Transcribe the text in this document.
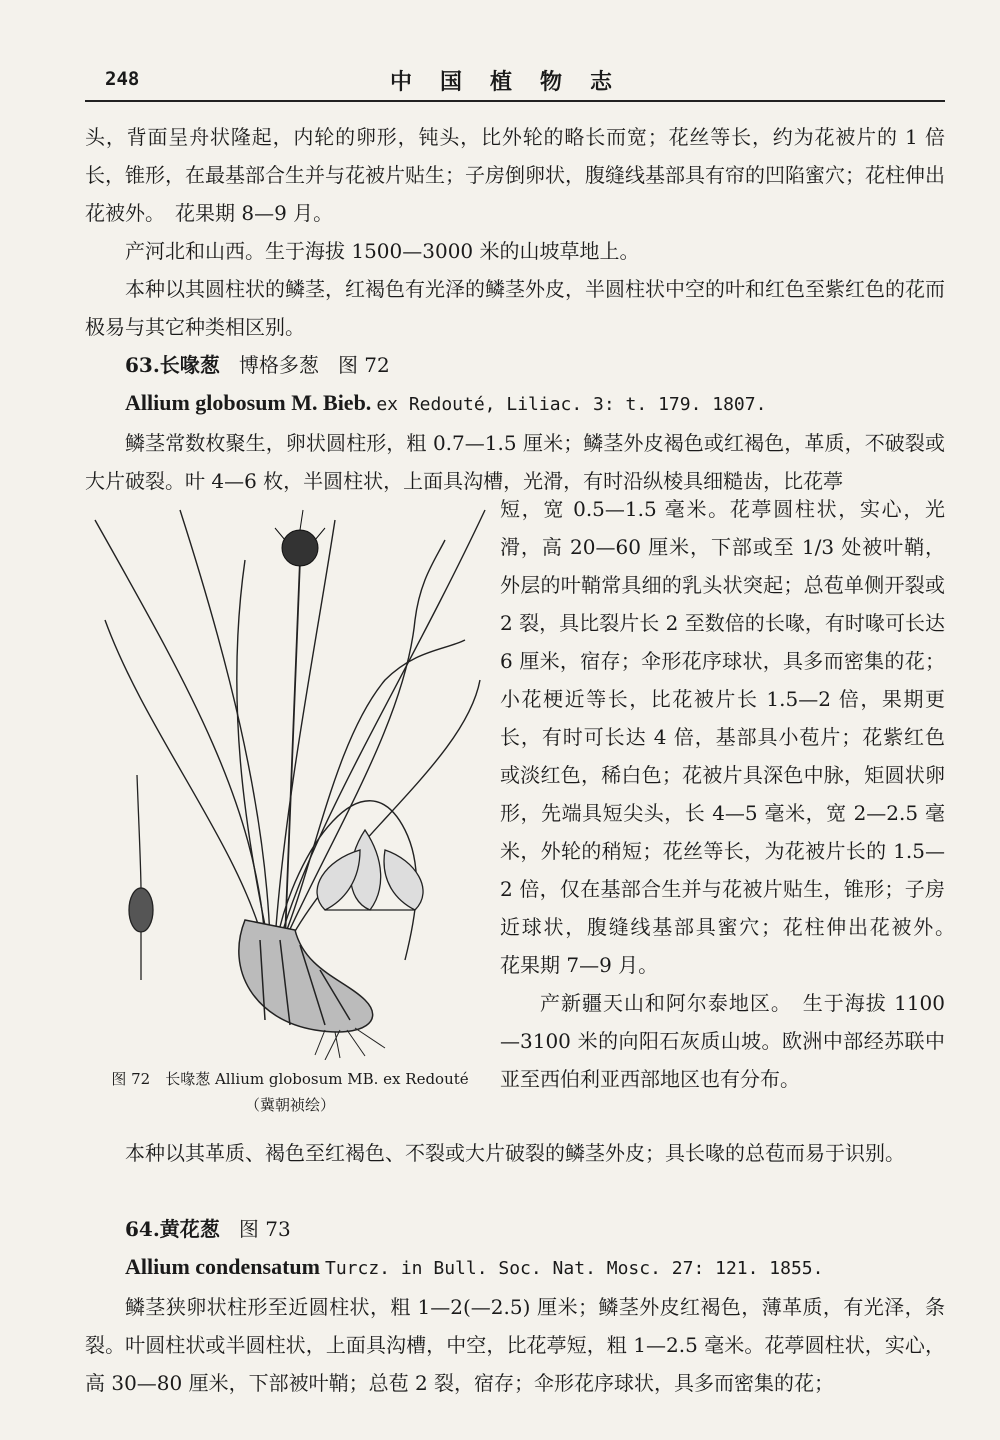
248	中国植物志

头，背面呈舟状隆起，内轮的卵形，钝头，比外轮的略长而宽；花丝等长，约为花被片的 1 倍长，锥形，在最基部合生并与花被片贴生；子房倒卵状，腹缝线基部具有帘的凹陷蜜穴；花柱伸出花被外。　花果期 8—9 月。

产河北和山西。生于海拔 1500—3000 米的山坡草地上。

本种以其圆柱状的鳞茎，红褐色有光泽的鳞茎外皮，半圆柱状中空的叶和红色至紫红色的花而极易与其它种类相区别。

63.长喙葱 博格多葱 图 72

Allium globosum M. Bieb. ex Redouté, Liliac. 3: t. 179. 1807.

鳞茎常数枚聚生，卵状圆柱形，粗 0.7—1.5 厘米；鳞茎外皮褐色或红褐色，革质，不破裂或大片破裂。叶 4—6 枚，半圆柱状，上面具沟槽，光滑，有时沿纵棱具细糙齿，比花葶

图 72　长喙葱 Allium globosum MB. ex Redouté
（冀朝祯绘）

短，宽 0.5—1.5 毫米。花葶圆柱状，实心，光滑，高 20—60 厘米，下部或至 1/3 处被叶鞘，外层的叶鞘常具细的乳头状突起；总苞单侧开裂或 2 裂，具比裂片长 2 至数倍的长喙，有时喙可长达 6 厘米，宿存；伞形花序球状，具多而密集的花；小花梗近等长，比花被片长 1.5—2 倍，果期更长，有时可长达 4 倍，基部具小苞片；花紫红色或淡红色，稀白色；花被片具深色中脉，矩圆状卵形，先端具短尖头，长 4—5 毫米，宽 2—2.5 毫米，外轮的稍短；花丝等长，为花被片长的 1.5—2 倍，仅在基部合生并与花被片贴生，锥形；子房近球状，腹缝线基部具蜜穴；花柱伸出花被外。　花果期 7—9 月。

产新疆天山和阿尔泰地区。　生于海拔 1100—3100 米的向阳石灰质山坡。欧洲中部经苏联中亚至西伯利亚西部地区也有分布。

本种以其革质、褐色至红褐色、不裂或大片破裂的鳞茎外皮；具长喙的总苞而易于识别。

64.黄花葱 图 73

Allium condensatum Turcz. in Bull. Soc. Nat. Mosc. 27: 121. 1855.

鳞茎狭卵状柱形至近圆柱状，粗 1—2(—2.5) 厘米；鳞茎外皮红褐色，薄革质，有光泽，条裂。叶圆柱状或半圆柱状，上面具沟槽，中空，比花葶短，粗 1—2.5 毫米。花葶圆柱状，实心，高 30—80 厘米，下部被叶鞘；总苞 2 裂，宿存；伞形花序球状，具多而密集的花；
